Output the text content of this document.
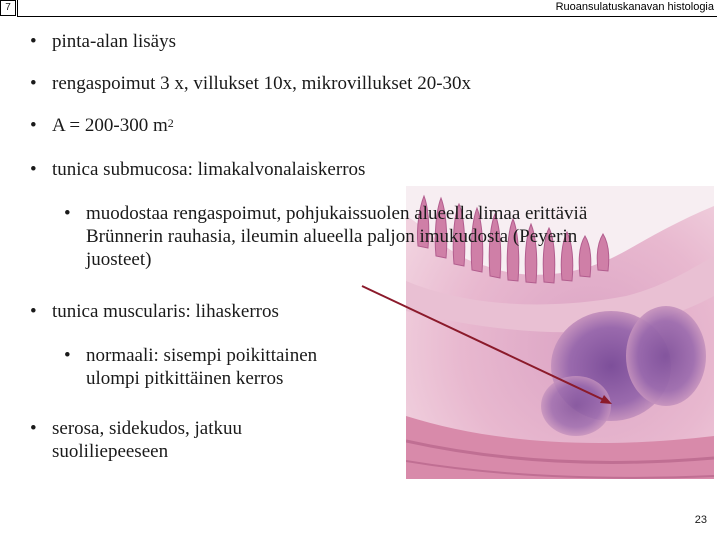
7	Ruoansulatuskanavan histologia
• pinta-alan lisäys
• rengaspoimut 3 x, villukset 10x, mikrovillukset 20-30x
• A = 200-300 $m^2$
• tunica submucosa: limakalvonalaiskerros
• muodostaa rengaspoimut, pohjukaissuolen alueella limaa erittäviä Brünnerin rauhasia, ileumin alueella paljon imukudosta (Peyerin juosteet)
• tunica muscularis: lihaskerros
• normaali: sisempi poikittainen
ulompi pitkittäinen kerros
• serosa, sidekudos, jatkuu
suoliliepeeseen
23
